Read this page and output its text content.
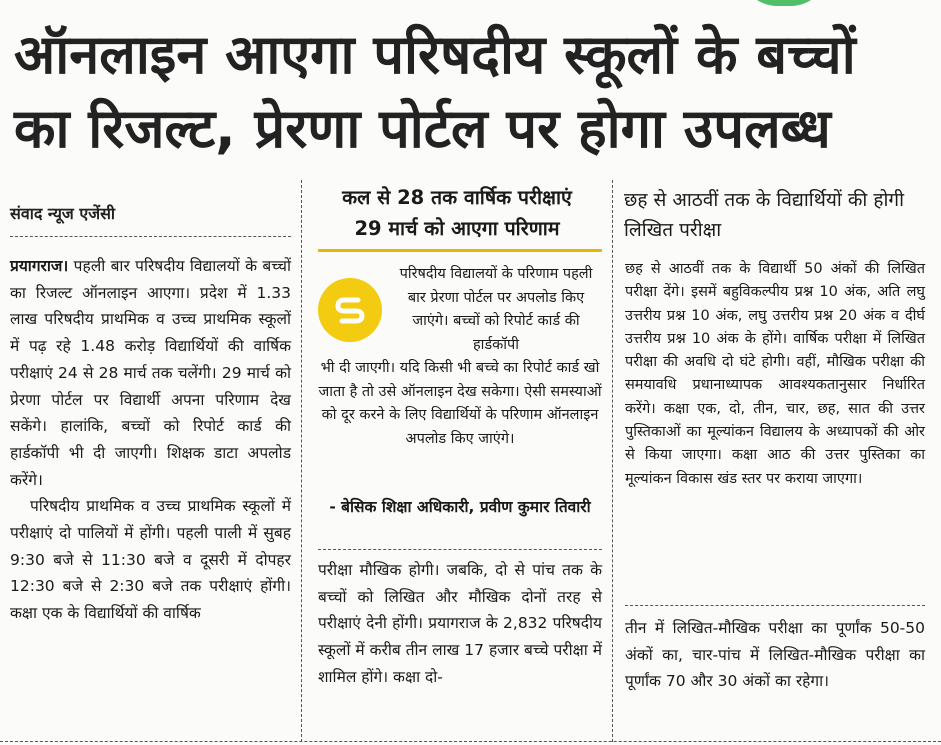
ऑनलाइन आएगा परिषदीय स्कूलों के बच्चों
का रिजल्ट, प्रेरणा पोर्टल पर होगा उपलब्ध
संवाद न्यूज एजेंसी

प्रयागराज। पहली बार परिषदीय विद्यालयों के बच्चों का रिजल्ट ऑनलाइन आएगा। प्रदेश में 1.33 लाख परिषदीय प्राथमिक व उच्च प्राथमिक स्कूलों में पढ़ रहे 1.48 करोड़ विद्यार्थियों की वार्षिक परीक्षाएं 24 से 28 मार्च तक चलेंगी। 29 मार्च को प्रेरणा पोर्टल पर विद्यार्थी अपना परिणाम देख सकेंगे। हालांकि, बच्चों को रिपोर्ट कार्ड की हार्डकॉपी भी दी जाएगी। शिक्षक डाटा अपलोड करेंगे।

परिषदीय प्राथमिक व उच्च प्राथमिक स्कूलों में परीक्षाएं दो पालियों में होंगी। पहली पाली में सुबह 9:30 बजे से 11:30 बजे व दूसरी में दोपहर 12:30 बजे से 2:30 बजे तक परीक्षाएं होंगी। कक्षा एक के विद्यार्थियों की वार्षिक

कल से 28 तक वार्षिक परीक्षाएं
29 मार्च को आएगा परिणाम
परिषदीय विद्यालयों के परिणाम पहली बार प्रेरणा पोर्टल पर अपलोड किए जाएंगे। बच्चों को रिपोर्ट कार्ड की हार्डकॉपी
भी दी जाएगी। यदि किसी भी बच्चे का रिपोर्ट कार्ड खो जाता है तो उसे ऑनलाइन देख सकेगा। ऐसी समस्याओं को दूर करने के लिए विद्यार्थियों के परिणाम ऑनलाइन अपलोड किए जाएंगे।
- बेसिक शिक्षा अधिकारी, प्रवीण कुमार तिवारी
परीक्षा मौखिक होगी। जबकि, दो से पांच तक के बच्चों को लिखित और मौखिक दोनों तरह से परीक्षाएं देनी होंगी। प्रयागराज के 2,832 परिषदीय स्कूलों में करीब तीन लाख 17 हजार बच्चे परीक्षा में शामिल होंगे। कक्षा दो-
छह से आठवीं तक के विद्यार्थियों की होगी लिखित परीक्षा
छह से आठवीं तक के विद्यार्थी 50 अंकों की लिखित परीक्षा देंगे। इसमें बहुविकल्पीय प्रश्न 10 अंक, अति लघु उत्तरीय प्रश्न 10 अंक, लघु उत्तरीय प्रश्न 20 अंक व दीर्घ उत्तरीय प्रश्न 10 अंक के होंगे। वार्षिक परीक्षा में लिखित परीक्षा की अवधि दो घंटे होगी। वहीं, मौखिक परीक्षा की समयावधि प्रधानाध्यापक आवश्यकतानुसार निर्धारित करेंगे। कक्षा एक, दो, तीन, चार, छह, सात की उत्तर पुस्तिकाओं का मूल्यांकन विद्यालय के अध्यापकों की ओर से किया जाएगा। कक्षा आठ की उत्तर पुस्तिका का मूल्यांकन विकास खंड स्तर पर कराया जाएगा।
तीन में लिखित-मौखिक परीक्षा का पूर्णांक 50-50 अंकों का, चार-पांच में लिखित-मौखिक परीक्षा का पूर्णांक 70 और 30 अंकों का रहेगा।
